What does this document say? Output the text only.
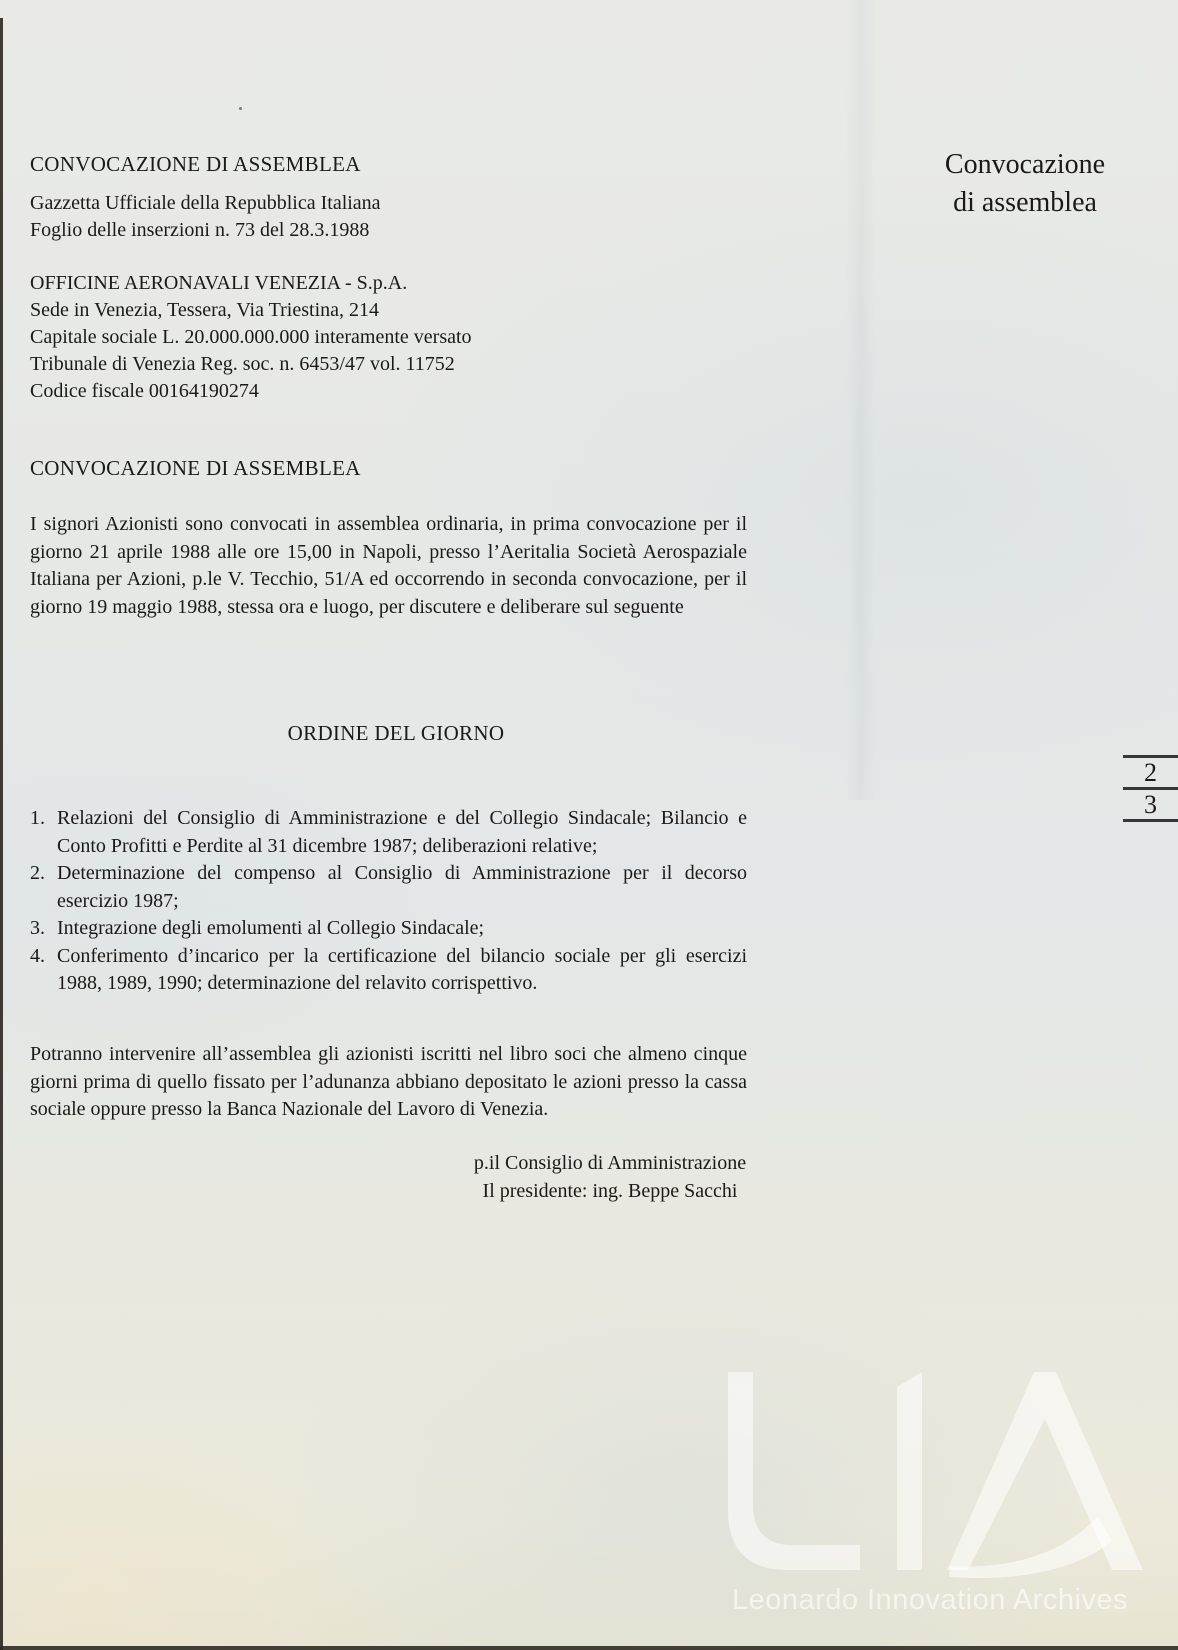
CONVOCAZIONE DI ASSEMBLEA
Gazzetta Ufficiale della Repubblica Italiana
Foglio delle inserzioni n. 73 del 28.3.1988
OFFICINE AERONAVALI VENEZIA - S.p.A.
Sede in Venezia, Tessera, Via Triestina, 214
Capitale sociale L. 20.000.000.000 interamente versato
Tribunale di Venezia Reg. soc. n. 6453/47 vol. 11752
Codice fiscale 00164190274
Convocazione
di assemblea
CONVOCAZIONE DI ASSEMBLEA
I signori Azionisti sono convocati in assemblea ordinaria, in prima convocazione per il giorno 21 aprile 1988 alle ore 15,00 in Napoli, presso l’Aeritalia Società Aerospaziale Italiana per Azioni, p.le V. Tecchio, 51/A ed occorrendo in seconda convocazione, per il giorno 19 maggio 1988, stessa ora e luogo, per discutere e deliberare sul seguente
ORDINE DEL GIORNO
1. Relazioni del Consiglio di Amministrazione e del Collegio Sindacale; Bilancio e Conto Profitti e Perdite al 31 dicembre 1987; deliberazioni relative;
2. Determinazione del compenso al Consiglio di Amministrazione per il decorso esercizio 1987;
3. Integrazione degli emolumenti al Collegio Sindacale;
4. Conferimento d’incarico per la certificazione del bilancio sociale per gli esercizi 1988, 1989, 1990; determinazione del relavito corrispettivo.
Potranno intervenire all’assemblea gli azionisti iscritti nel libro soci che almeno cinque giorni prima di quello fissato per l’adunanza abbiano depositato le azioni presso la cassa sociale oppure presso la Banca Nazionale del Lavoro di Venezia.
p.il Consiglio di Amministrazione
Il presidente: ing. Beppe Sacchi
2
3
Leonardo Innovation Archives
